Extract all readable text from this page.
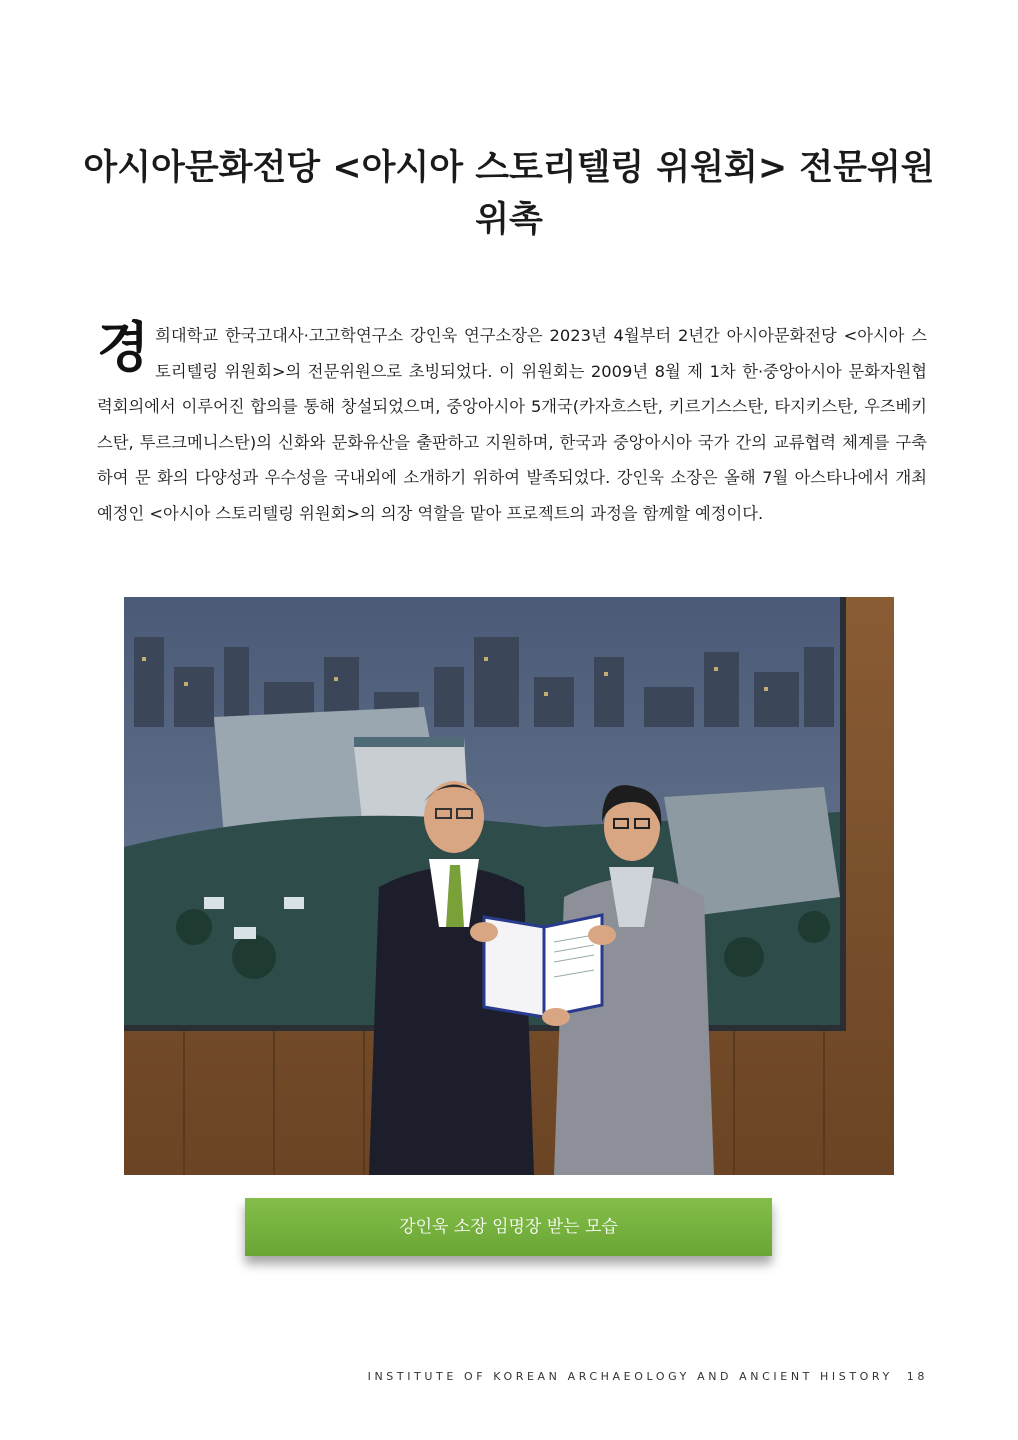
아시아문화전당 <아시아 스토리텔링 위원회> 전문위원
위촉
경 희대학교 한국고대사·고고학연구소 강인욱 연구소장은 2023년 4월부터 2년간 아시아문화전당 <아시아 스토리텔링 위원회>의 전문위원으로 초빙되었다. 이 위원회는 2009년 8월 제 1차 한·중앙아시아 문화자원협력회의에서 이루어진 합의를 통해 창설되었으며, 중앙아시아 5개국(카자흐스탄, 키르기스스탄, 타지키스탄, 우즈베키스탄, 투르크메니스탄)의 신화와 문화유산을 출판하고 지원하며, 한국과 중앙아시아 국가 간의 교류협력 체계를 구축하여 문 화의 다양성과 우수성을 국내외에 소개하기 위하여 발족되었다. 강인욱 소장은 올해 7월 아스타나에서 개최 예정인 <아시아 스토리텔링 위원회>의 의장 역할을 맡아 프로젝트의 과정을 함께할 예정이다.
강인욱 소장 임명장 받는 모습
INSTITUTE OF KOREAN ARCHAEOLOGY AND ANCIENT HISTORY 18
